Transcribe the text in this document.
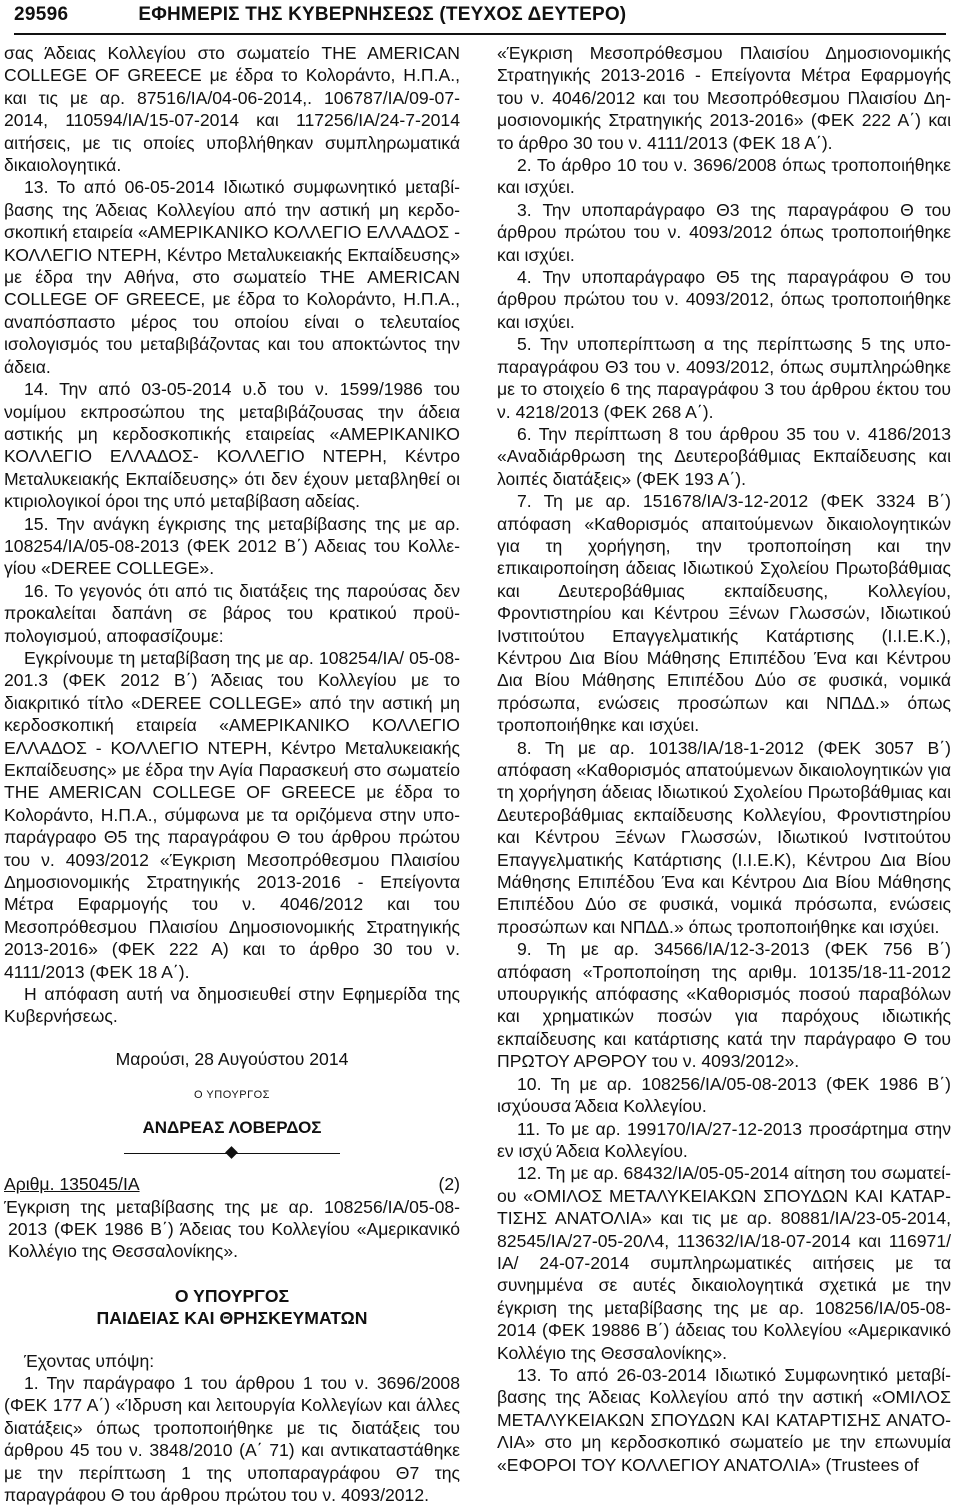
29596	ΕΦΗΜΕΡΙΣ ΤΗΣ ΚΥΒΕΡΝΗΣΕΩΣ (ΤΕΥΧΟΣ ΔΕΥΤΕΡΟ)

σας Άδειας Κολλεγίου στο σωματείο THE AMERICAN COLLEGE OF GREECE με έδρα το Κολοράντο, Η.Π.Α., και τις με αρ. 87516/ΙΑ/04-06-2014,. 106787/ΙΑ/09-07-2014, 110594/ΙΑ/15-07-2014 και 117256/ΙΑ/24-7-2014 αιτήσεις, με τις οποίες υποβλήθηκαν συμπληρωματικά δικαιολογητικά.

13. Το από 06-05-2014 Ιδιωτικό συμφωνητικό μεταβίβασης της Άδειας Κολλεγίου από την αστική μη κερδοσκοπική εταιρεία «ΑΜΕΡΙΚΑΝΙΚΟ ΚΟΛΛΕΓΙΟ ΕΛΛΑΔΟΣ - ΚΟΛΛΕΓΙΟ ΝΤΕΡΗ, Κέντρο Μεταλυκειακής Εκπαίδευσης» με έδρα την Αθήνα, στο σωματείο THE AMERICAN COLLEGE OF GREECE, με έδρα το Κολοράντο, Η.Π.Α., αναπόσπαστο μέρος του οποίου είναι ο τελευταίος ισολογισμός του μεταβιβάζοντας και του αποκτώντος την άδεια.

14. Την από 03-05-2014 υ.δ του ν. 1599/1986 του νομίμου εκπροσώπου της μεταβιβάζουσας την άδεια αστικής μη κερδοσκοπικής εταιρείας «ΑΜΕΡΙΚΑΝΙΚΟ ΚΟΛΛΕΓΙΟ ΕΛΛΑΔΟΣ- ΚΟΛΛΕΓΙΟ ΝΤΕΡΗ, Κέντρο Μεταλυκειακής Εκπαίδευσης» ότι δεν έχουν μεταβληθεί οι κτιριολογικοί όροι της υπό μεταβίβαση αδείας.

15. Την ανάγκη έγκρισης της μεταβίβασης της με αρ. 108254/ΙΑ/05-08-2013 (ΦΕΚ 2012 Β΄) Αδειας του Κολλεγίου «DEREE COLLEGE».

16. Το γεγονός ότι από τις διατάξεις της παρούσας δεν προκαλείται δαπάνη σε βάρος του κρατικού προϋπολογισμού, αποφασίζουμε:

Εγκρίνουμε τη μεταβίβαση της με αρ. 108254/ΙΑ/ 05-08-201.3 (ΦΕΚ 2012 Β΄) Άδειας του Κολλεγίου με το διακριτικό τίτλο «DEREE COLLEGE» από την αστική μη κερδοσκοπική εταιρεία «ΑΜΕΡΙΚΑΝΙΚΟ ΚΟΛΛΕΓΙΟ ΕΛΛΑΔΟΣ - ΚΟΛΛΕΓΙΟ ΝΤΕΡΗ, Κέντρο Μεταλυκειακής Εκπαίδευσης» με έδρα την Αγία Παρασκευή στο σωματείο THE AMERICAN COLLEGE OF GREECE με έδρα το Κολοράντο, Η.Π.Α., σύμφωνα με τα οριζόμενα στην υποπαράγραφο Θ5 της παραγράφου Θ του άρθρου πρώτου του ν. 4093/2012 «Έγκριση Μεσοπρόθεσμου Πλαισίου Δημοσιονομικής Στρατηγικής 2013-2016 - Επείγοντα Μέτρα Εφαρμογής του ν. 4046/2012 και του Μεσοπρόθεσμου Πλαισίου Δημοσιονομικής Στρατηγικής 2013-2016» (ΦΕΚ 222 Α) και το άρθρο 30 του ν. 4111/2013 (ΦΕΚ 18 Α΄).

Η απόφαση αυτή να δημοσιευθεί στην Εφημερίδα της Κυβερνήσεως.

Μαρούσι, 28 Αυγούστου 2014

Ο ΥΠΟΥΡΓΟΣ

ΑΝΔΡΕΑΣ ΛΟΒΕΡΔΟΣ

Αριθμ. 135045/ΙΑ	(2)

Έγκριση της μεταβίβασης της με αρ. 108256/ΙΑ/05-08-2013 (ΦΕΚ 1986 Β΄) Άδειας του Κολλεγίου «Αμερικανικό Κολλέγιο της Θεσσαλονίκης».

Ο ΥΠΟΥΡΓΟΣ

ΠΑΙΔΕΙΑΣ ΚΑΙ ΘΡΗΣΚΕΥΜΑΤΩΝ

Έχοντας υπόψη:

1. Την παράγραφο 1 του άρθρου 1 του ν. 3696/2008 (ΦΕΚ 177 Α΄) «Ίδρυση και λειτουργία Κολλεγίων και άλλες διατάξεις» όπως τροποποιήθηκε με τις διατάξεις του άρθρου 45 του ν. 3848/2010 (Α΄ 71) και αντικαταστάθηκε με την περίπτωση 1 της υποπαραγράφου Θ7 της παραγράφου Θ του άρθρου πρώτου του ν. 4093/2012.

«Έγκριση Μεσοπρόθεσμου Πλαισίου Δημοσιονομικής Στρατηγικής 2013-2016 - Επείγοντα Μέτρα Εφαρμογής του ν. 4046/2012 και του Μεσοπρόθεσμου Πλαισίου Δημοσιονομικής Στρατηγικής 2013-2016» (ΦΕΚ 222 Α΄) και το άρθρο 30 του ν. 4111/2013 (ΦΕΚ 18 Α΄).

2. Το άρθρο 10 του ν. 3696/2008 όπως τροποποιήθηκε και ισχύει.

3. Την υποπαράγραφο Θ3 της παραγράφου Θ του άρθρου πρώτου του ν. 4093/2012 όπως τροποποιήθηκε και ισχύει.

4. Την υποπαράγραφο Θ5 της παραγράφου Θ του άρθρου πρώτου του ν. 4093/2012, όπως τροποποιήθηκε και ισχύει.

5. Την υποπερίπτωση α της περίπτωσης 5 της υποπαραγράφου Θ3 του ν. 4093/2012, όπως συμπληρώθηκε με το στοιχείο 6 της παραγράφου 3 του άρθρου έκτου του ν. 4218/2013 (ΦΕΚ 268 Α΄).

6. Την περίπτωση 8 του άρθρου 35 του ν. 4186/2013 «Αναδιάρθρωση της Δευτεροβάθμιας Εκπαίδευσης και λοιπές διατάξεις» (ΦΕΚ 193 Α΄).

7. Τη με αρ. 151678/ΙΑ/3-12-2012 (ΦΕΚ 3324 Β΄) απόφαση «Καθορισμός απαιτούμενων δικαιολογητικών για τη χορήγηση, την τροποποίηση και την επικαιροποίηση άδειας Ιδιωτικού Σχολείου Πρωτοβάθμιας και Δευτεροβάθμιας εκπαίδευσης, Κολλεγίου, Φροντιστηρίου και Κέντρου Ξένων Γλωσσών, Ιδιωτικού Ινστιτούτου Επαγγελματικής Κατάρτισης (Ι.Ι.Ε.Κ.), Κέντρου Δια Βίου Μάθησης Επιπέδου Ένα και Κέντρου Δια Βίου Μάθησης Επιπέδου Δύο σε φυσικά, νομικά πρόσωπα, ενώσεις προσώπων και ΝΠΔΔ.» όπως τροποποιήθηκε και ισχύει.

8. Τη με αρ. 10138/ΙΑ/18-1-2012 (ΦΕΚ 3057 Β΄) απόφαση «Καθορισμός απατούμενων δικαιολογητικών για τη χορήγηση άδειας Ιδιωτικού Σχολείου Πρωτοβάθμιας και Δευτεροβάθμιας εκπαίδευσης Κολλεγίου, Φροντιστηρίου και Κέντρου Ξένων Γλωσσών, Ιδιωτικού Ινστιτούτου Επαγγελματικής Κατάρτισης (Ι.Ι.Ε.Κ), Κέντρου Δια Βίου Μάθησης Επιπέδου Ένα και Κέντρου Δια Βίου Μάθησης Επιπέδου Δύο σε φυσικά, νομικά πρόσωπα, ενώσεις προσώπων και ΝΠΔΔ.» όπως τροποποιήθηκε και ισχύει.

9. Τη με αρ. 34566/ΙΑ/12-3-2013 (ΦΕΚ 756 Β΄) απόφαση «Τροποποίηση της αριθμ. 10135/18-11-2012 υπουργικής απόφασης «Καθορισμός ποσού παραβόλων και χρηματικών ποσών για παρόχους ιδιωτικής εκπαίδευσης και κατάρτισης κατά την παράγραφο Θ του ΠΡΩΤΟΥ ΑΡΘΡΟΥ του ν. 4093/2012».

10. Τη με αρ. 108256/ΙΑ/05-08-2013 (ΦΕΚ 1986 Β΄) ισχύουσα Άδεια Κολλεγίου.

11. Το με αρ. 199170/ΙΑ/27-12-2013 προσάρτημα στην εν ισχύ Άδεια Κολλεγίου.

12. Τη με αρ. 68432/ΙΑ/05-05-2014 αίτηση του σωματείου «ΟΜΙΛΟΣ ΜΕΤΑΛΥΚΕΙΑΚΩΝ ΣΠΟΥΔΩΝ ΚΑΙ ΚΑΤΑΡΤΙΣΗΣ ΑΝΑΤΟΛΙΑ» και τις με αρ. 80881/ΙΑ/23-05-2014, 82545/ΙΑ/27-05-20Λ4, 113632/ΙΑ/18-07-2014 και 116971/ΙΑ/ 24-07-2014 συμπληρωματικές αιτήσεις με τα συνημμένα σε αυτές δικαιολογητικά σχετικά με την έγκριση της μεταβίβασης της με αρ. 108256/ΙΑ/05-08-2014 (ΦΕΚ 19886 Β΄) άδειας του Κολλεγίου «Αμερικανικό Κολλέγιο της Θεσσαλονίκης».

13. Το από 26-03-2014 Ιδιωτικό Συμφωνητικό μεταβίβασης της Άδειας Κολλεγίου από την αστική «ΟΜΙΛΟΣ ΜΕΤΑΛΥΚΕΙΑΚΩΝ ΣΠΟΥΔΩΝ ΚΑΙ ΚΑΤΑΡΤΙΣΗΣ ΑΝΑΤΟΛΙΑ» στο μη κερδοσκοπικό σωματείο με την επωνυμία «ΕΦΟΡΟΙ ΤΟΥ ΚΟΛΛΕΓΙΟΥ ΑΝΑΤΟΛΙΑ» (Trustees of
